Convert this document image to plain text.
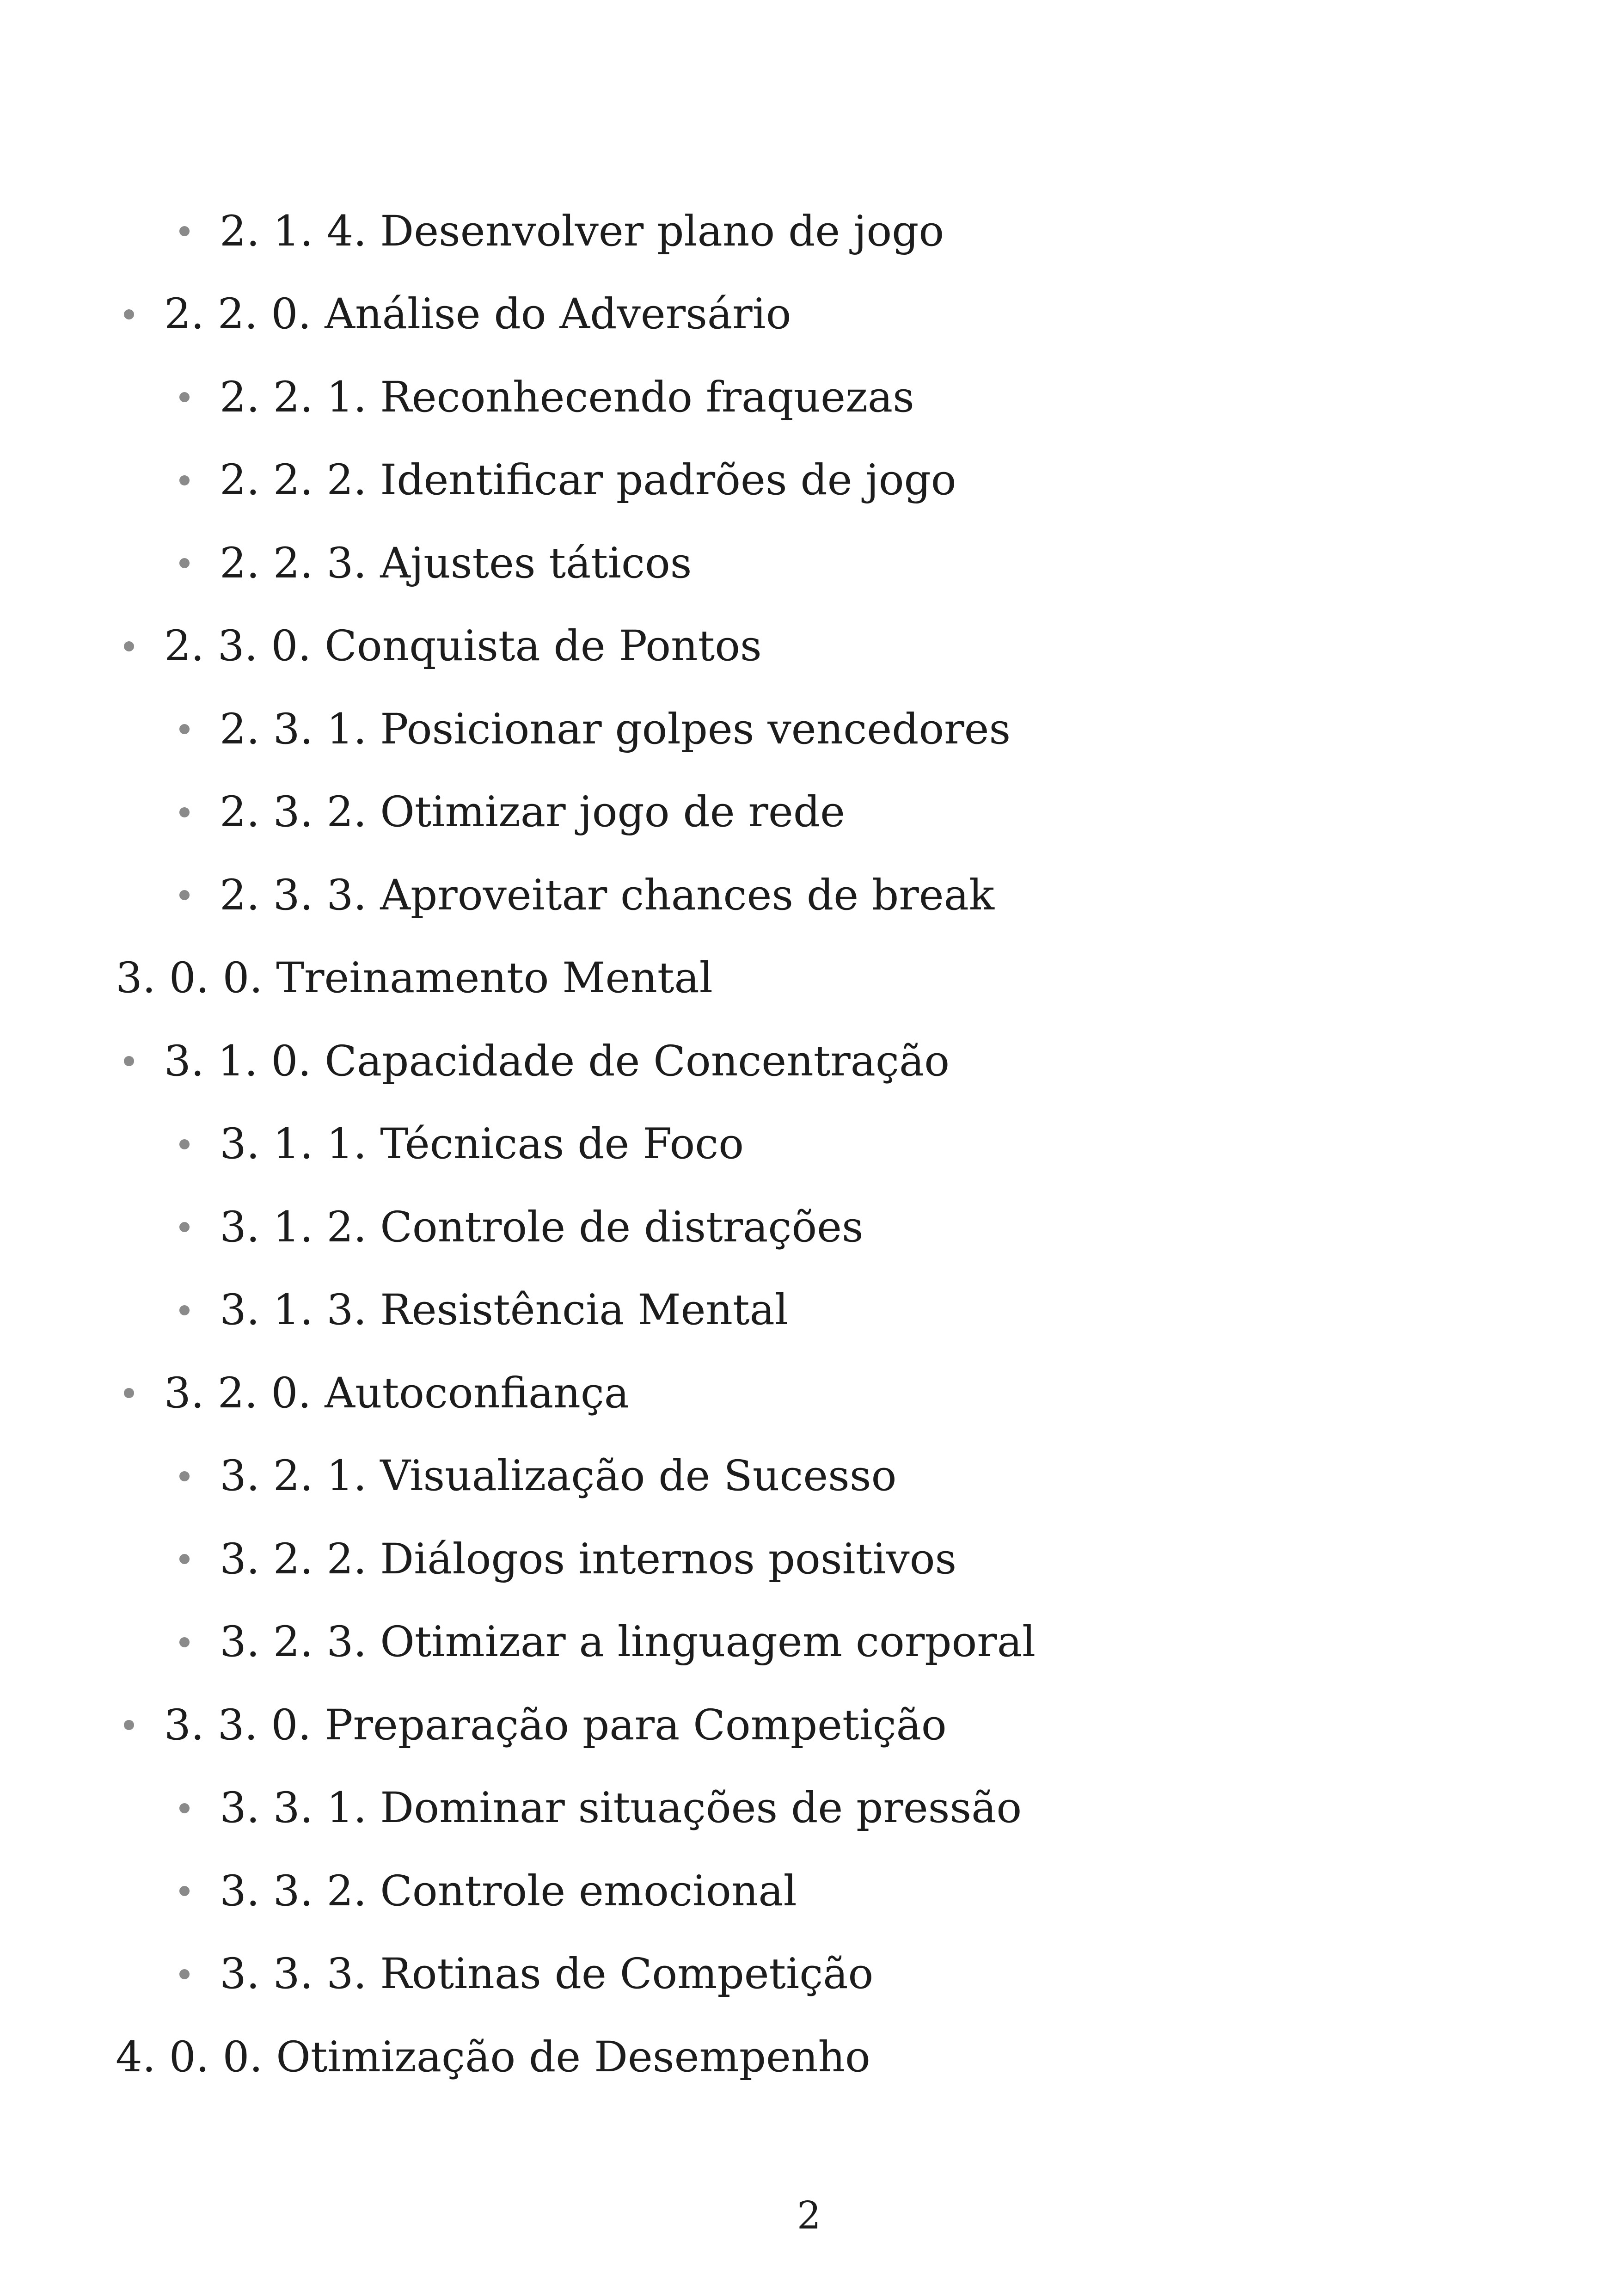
2. 1. 4. Desenvolver plano de jogo
2. 2. 0. Análise do Adversário
2. 2. 1. Reconhecendo fraquezas
2. 2. 2. Identificar padrões de jogo
2. 2. 3. Ajustes táticos
2. 3. 0. Conquista de Pontos
2. 3. 1. Posicionar golpes vencedores
2. 3. 2. Otimizar jogo de rede
2. 3. 3. Aproveitar chances de break
3. 0. 0. Treinamento Mental
3. 1. 0. Capacidade de Concentração
3. 1. 1. Técnicas de Foco
3. 1. 2. Controle de distrações
3. 1. 3. Resistência Mental
3. 2. 0. Autoconfiança
3. 2. 1. Visualização de Sucesso
3. 2. 2. Diálogos internos positivos
3. 2. 3. Otimizar a linguagem corporal
3. 3. 0. Preparação para Competição
3. 3. 1. Dominar situações de pressão
3. 3. 2. Controle emocional
3. 3. 3. Rotinas de Competição
4. 0. 0. Otimização de Desempenho
2
